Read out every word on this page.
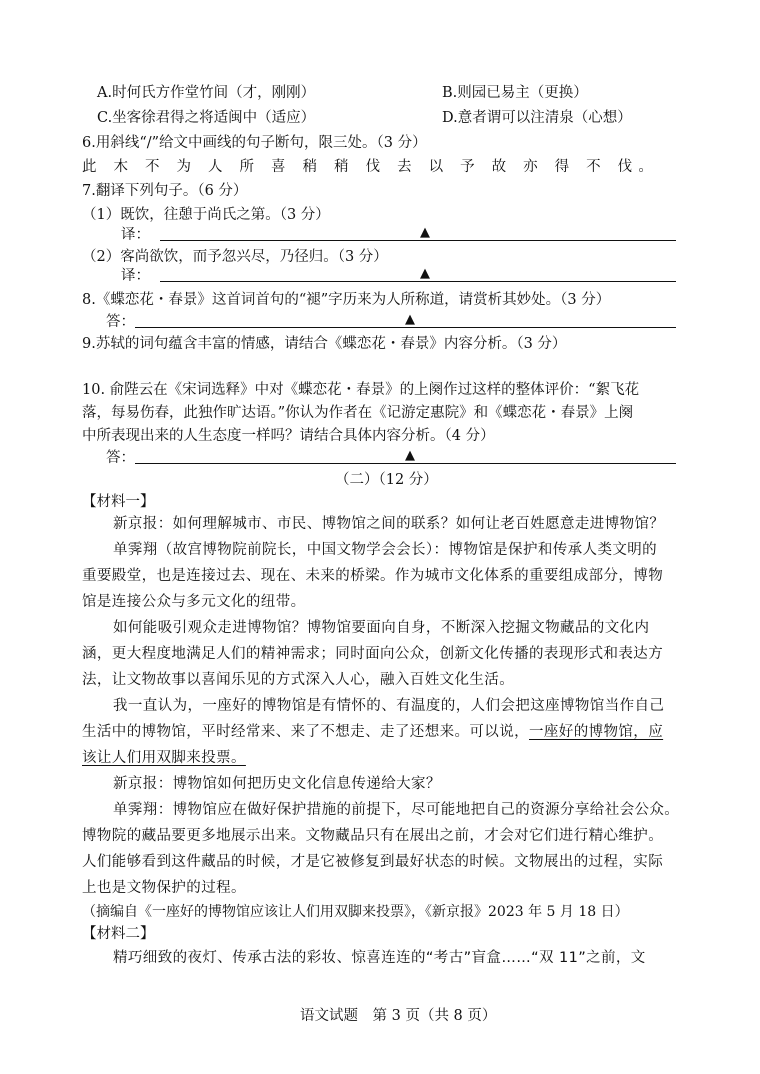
A.时何氏方作堂竹间（才，刚刚）	B.则园已易主（更换）
C.坐客徐君得之将适闽中（适应）	D.意者谓可以注清泉（心想）
6.用斜线“/”给文中画线的句子断句，限三处。（3 分）
此 木 不 为 人 所 喜 稍 稍 伐 去 以 予 故 亦 得 不 伐。
7.翻译下列句子。（6 分）
（1）既饮，往憩于尚氏之第。（3 分）
译：	▲
（2）客尚欲饮，而予忽兴尽，乃径归。（3 分）
译：	▲
8.《蝶恋花・春景》这首词首句的“褪”字历来为人所称道，请赏析其妙处。（3 分）
答：	▲
9.苏轼的词句蕴含丰富的情感，请结合《蝶恋花・春景》内容分析。（3 分）
10. 俞陛云在《宋词选释》中对《蝶恋花・春景》的上阕作过这样的整体评价：“絮飞花
落，每易伤春，此独作旷达语。”你认为作者在《记游定惠院》和《蝶恋花・春景》上阕
中所表现出来的人生态度一样吗？请结合具体内容分析。（4 分）
答：	▲
（二）（12 分）
【材料一】
新京报：如何理解城市、市民、博物馆之间的联系？如何让老百姓愿意走进博物馆？
单霁翔（故宫博物院前院长，中国文物学会会长）：博物馆是保护和传承人类文明的
重要殿堂，也是连接过去、现在、未来的桥梁。作为城市文化体系的重要组成部分，博物
馆是连接公众与多元文化的纽带。
如何能吸引观众走进博物馆？博物馆要面向自身，不断深入挖掘文物藏品的文化内
涵，更大程度地满足人们的精神需求；同时面向公众，创新文化传播的表现形式和表达方
法，让文物故事以喜闻乐见的方式深入人心，融入百姓文化生活。
我一直认为，一座好的博物馆是有情怀的、有温度的，人们会把这座博物馆当作自己
生活中的博物馆，平时经常来、来了不想走、走了还想来。可以说，一座好的博物馆，应
该让人们用双脚来投票。
新京报：博物馆如何把历史文化信息传递给大家？
单霁翔：博物馆应在做好保护措施的前提下，尽可能地把自己的资源分享给社会公众。
博物院的藏品要更多地展示出来。文物藏品只有在展出之前，才会对它们进行精心维护。
人们能够看到这件藏品的时候，才是它被修复到最好状态的时候。文物展出的过程，实际
上也是文物保护的过程。
（摘编自《一座好的博物馆应该让人们用双脚来投票》，《新京报》2023 年 5 月 18 日）
【材料二】
精巧细致的夜灯、传承古法的彩妆、惊喜连连的“考古”盲盒……“双 11”之前，文
语文试题　第 3 页（共 8 页）
